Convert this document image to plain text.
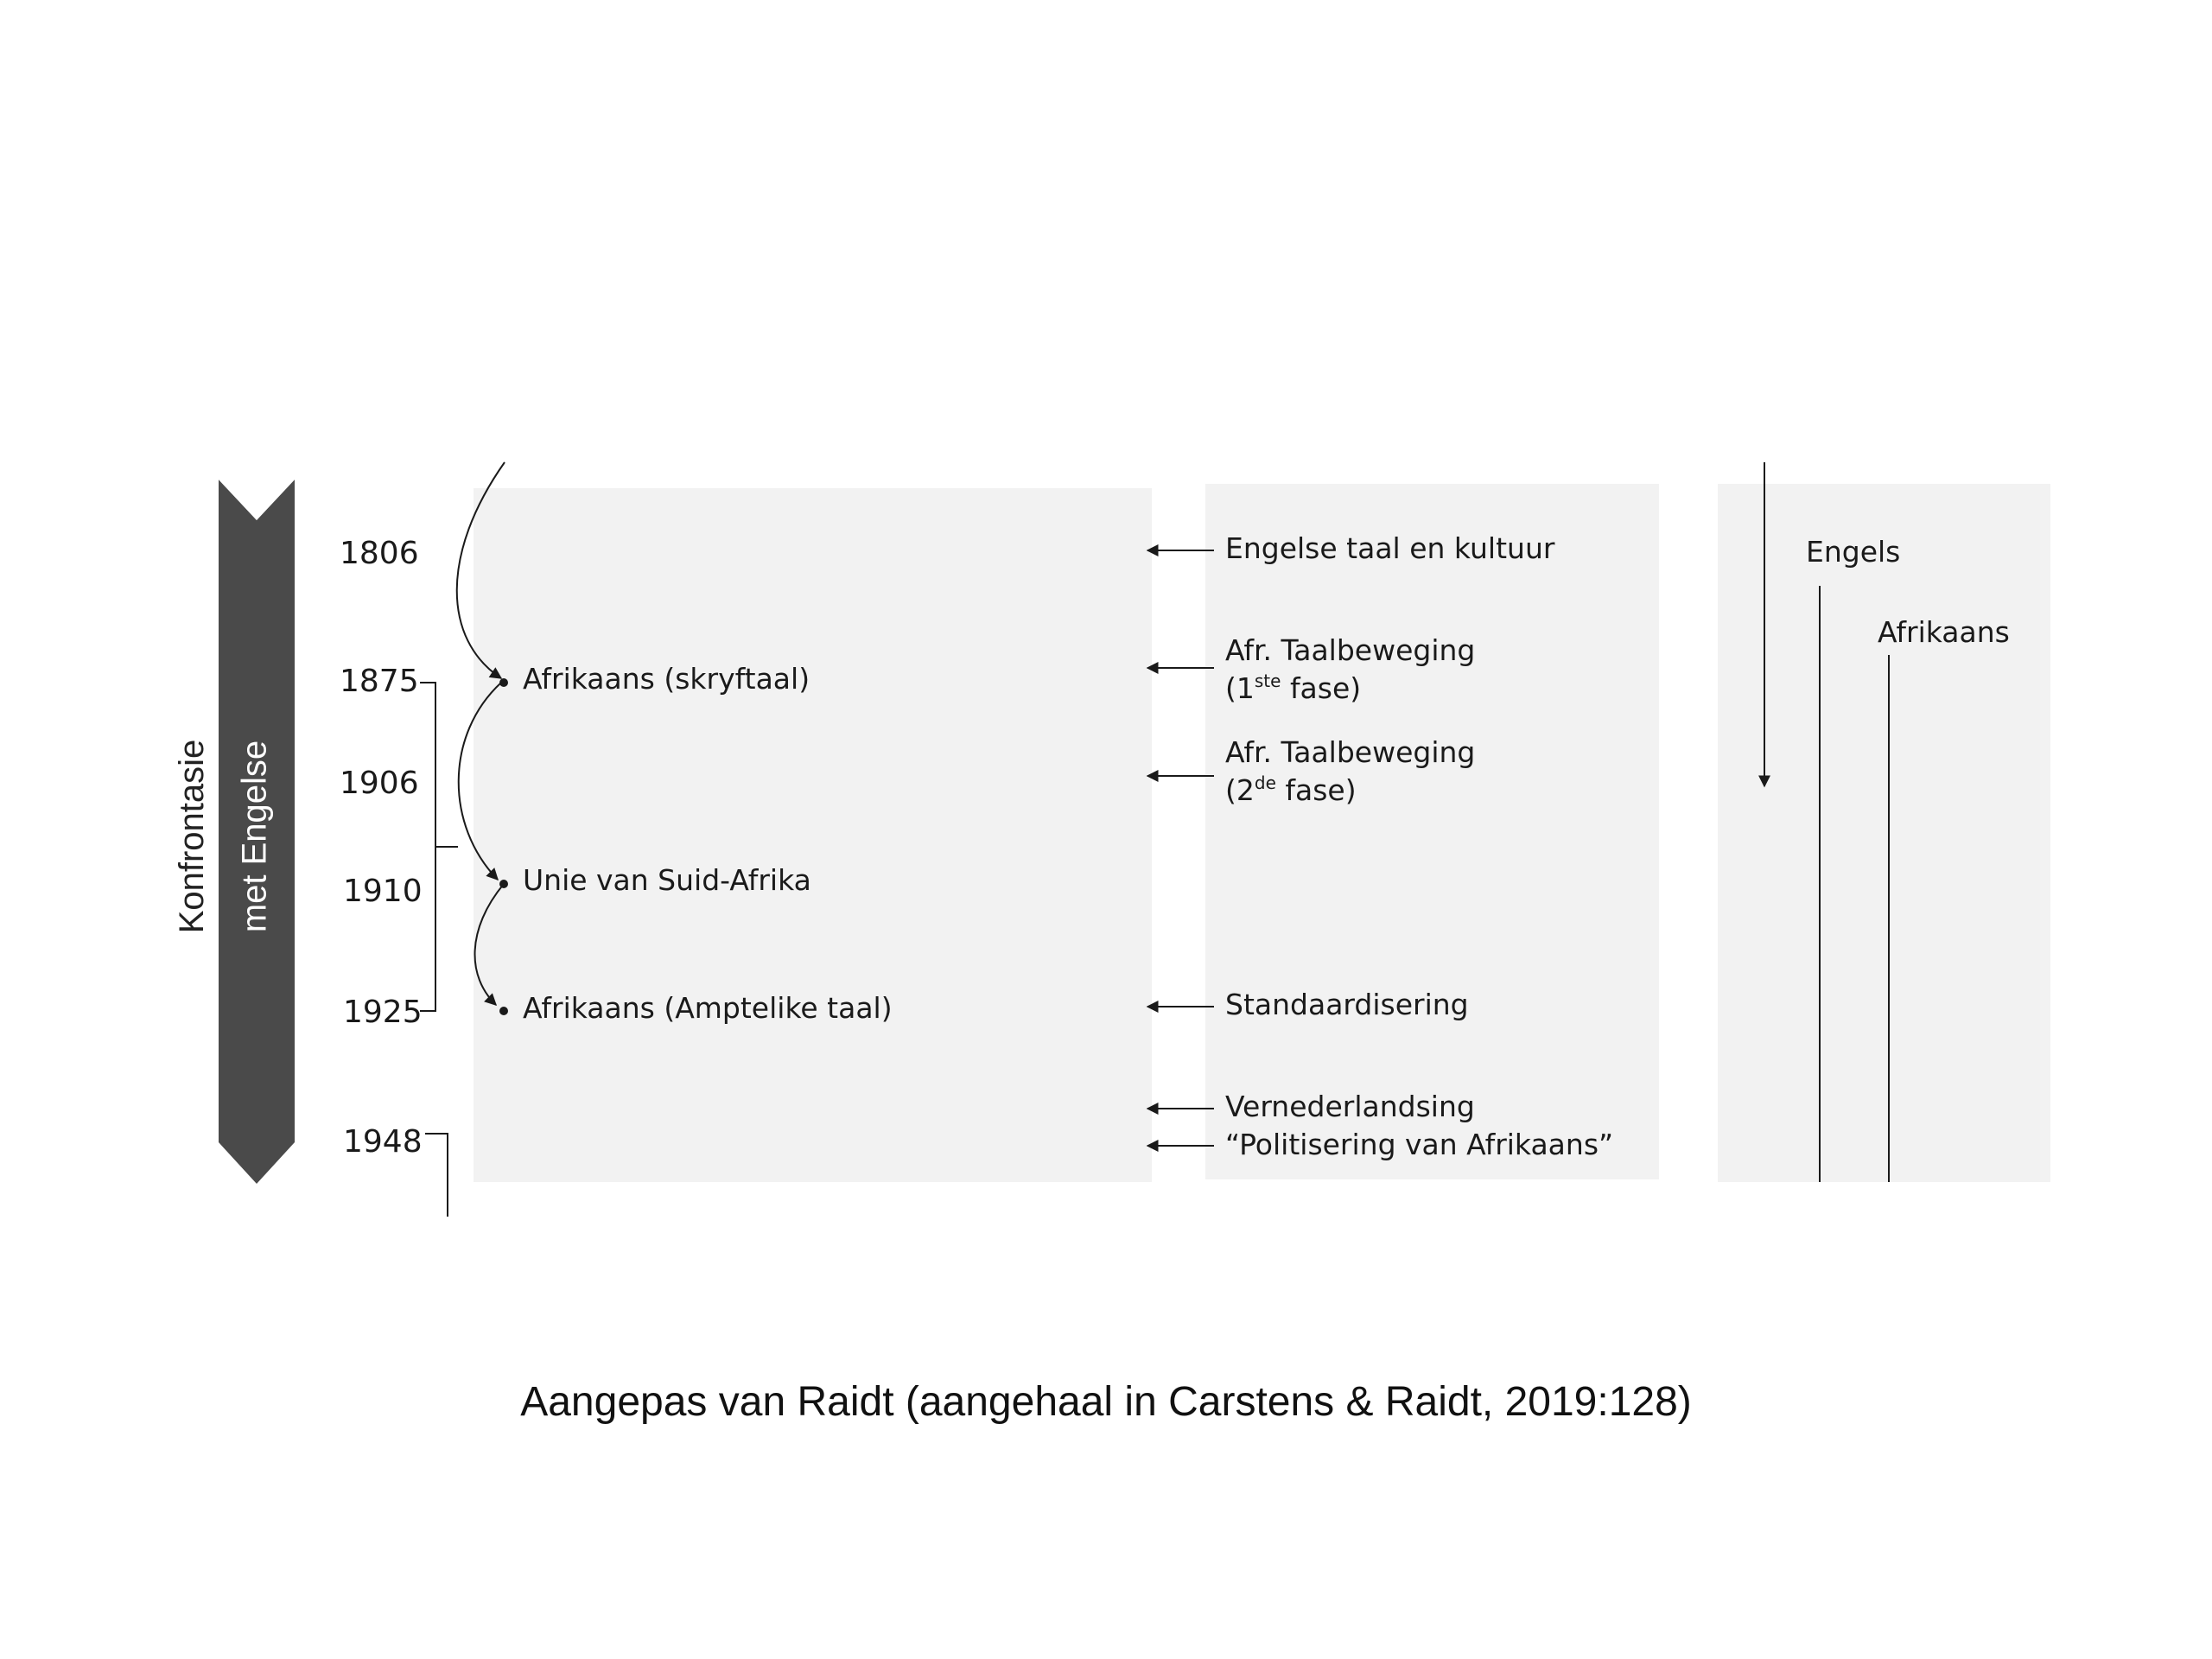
Konfrontasie met Engelse
1806
1875
1906
1910
1925
1948
Afrikaans (skryftaal)
Unie van Suid-Afrika
Afrikaans (Amptelike taal)
Engelse taal en kultuur
Afr. Taalbeweging
(1ste fase)
Afr. Taalbeweging
(2de fase)
Standaardisering
Vernederlandsing
“Politisering van Afrikaans”
Engels
Afrikaans
Aangepas van Raidt (aangehaal in Carstens & Raidt, 2019:128)
